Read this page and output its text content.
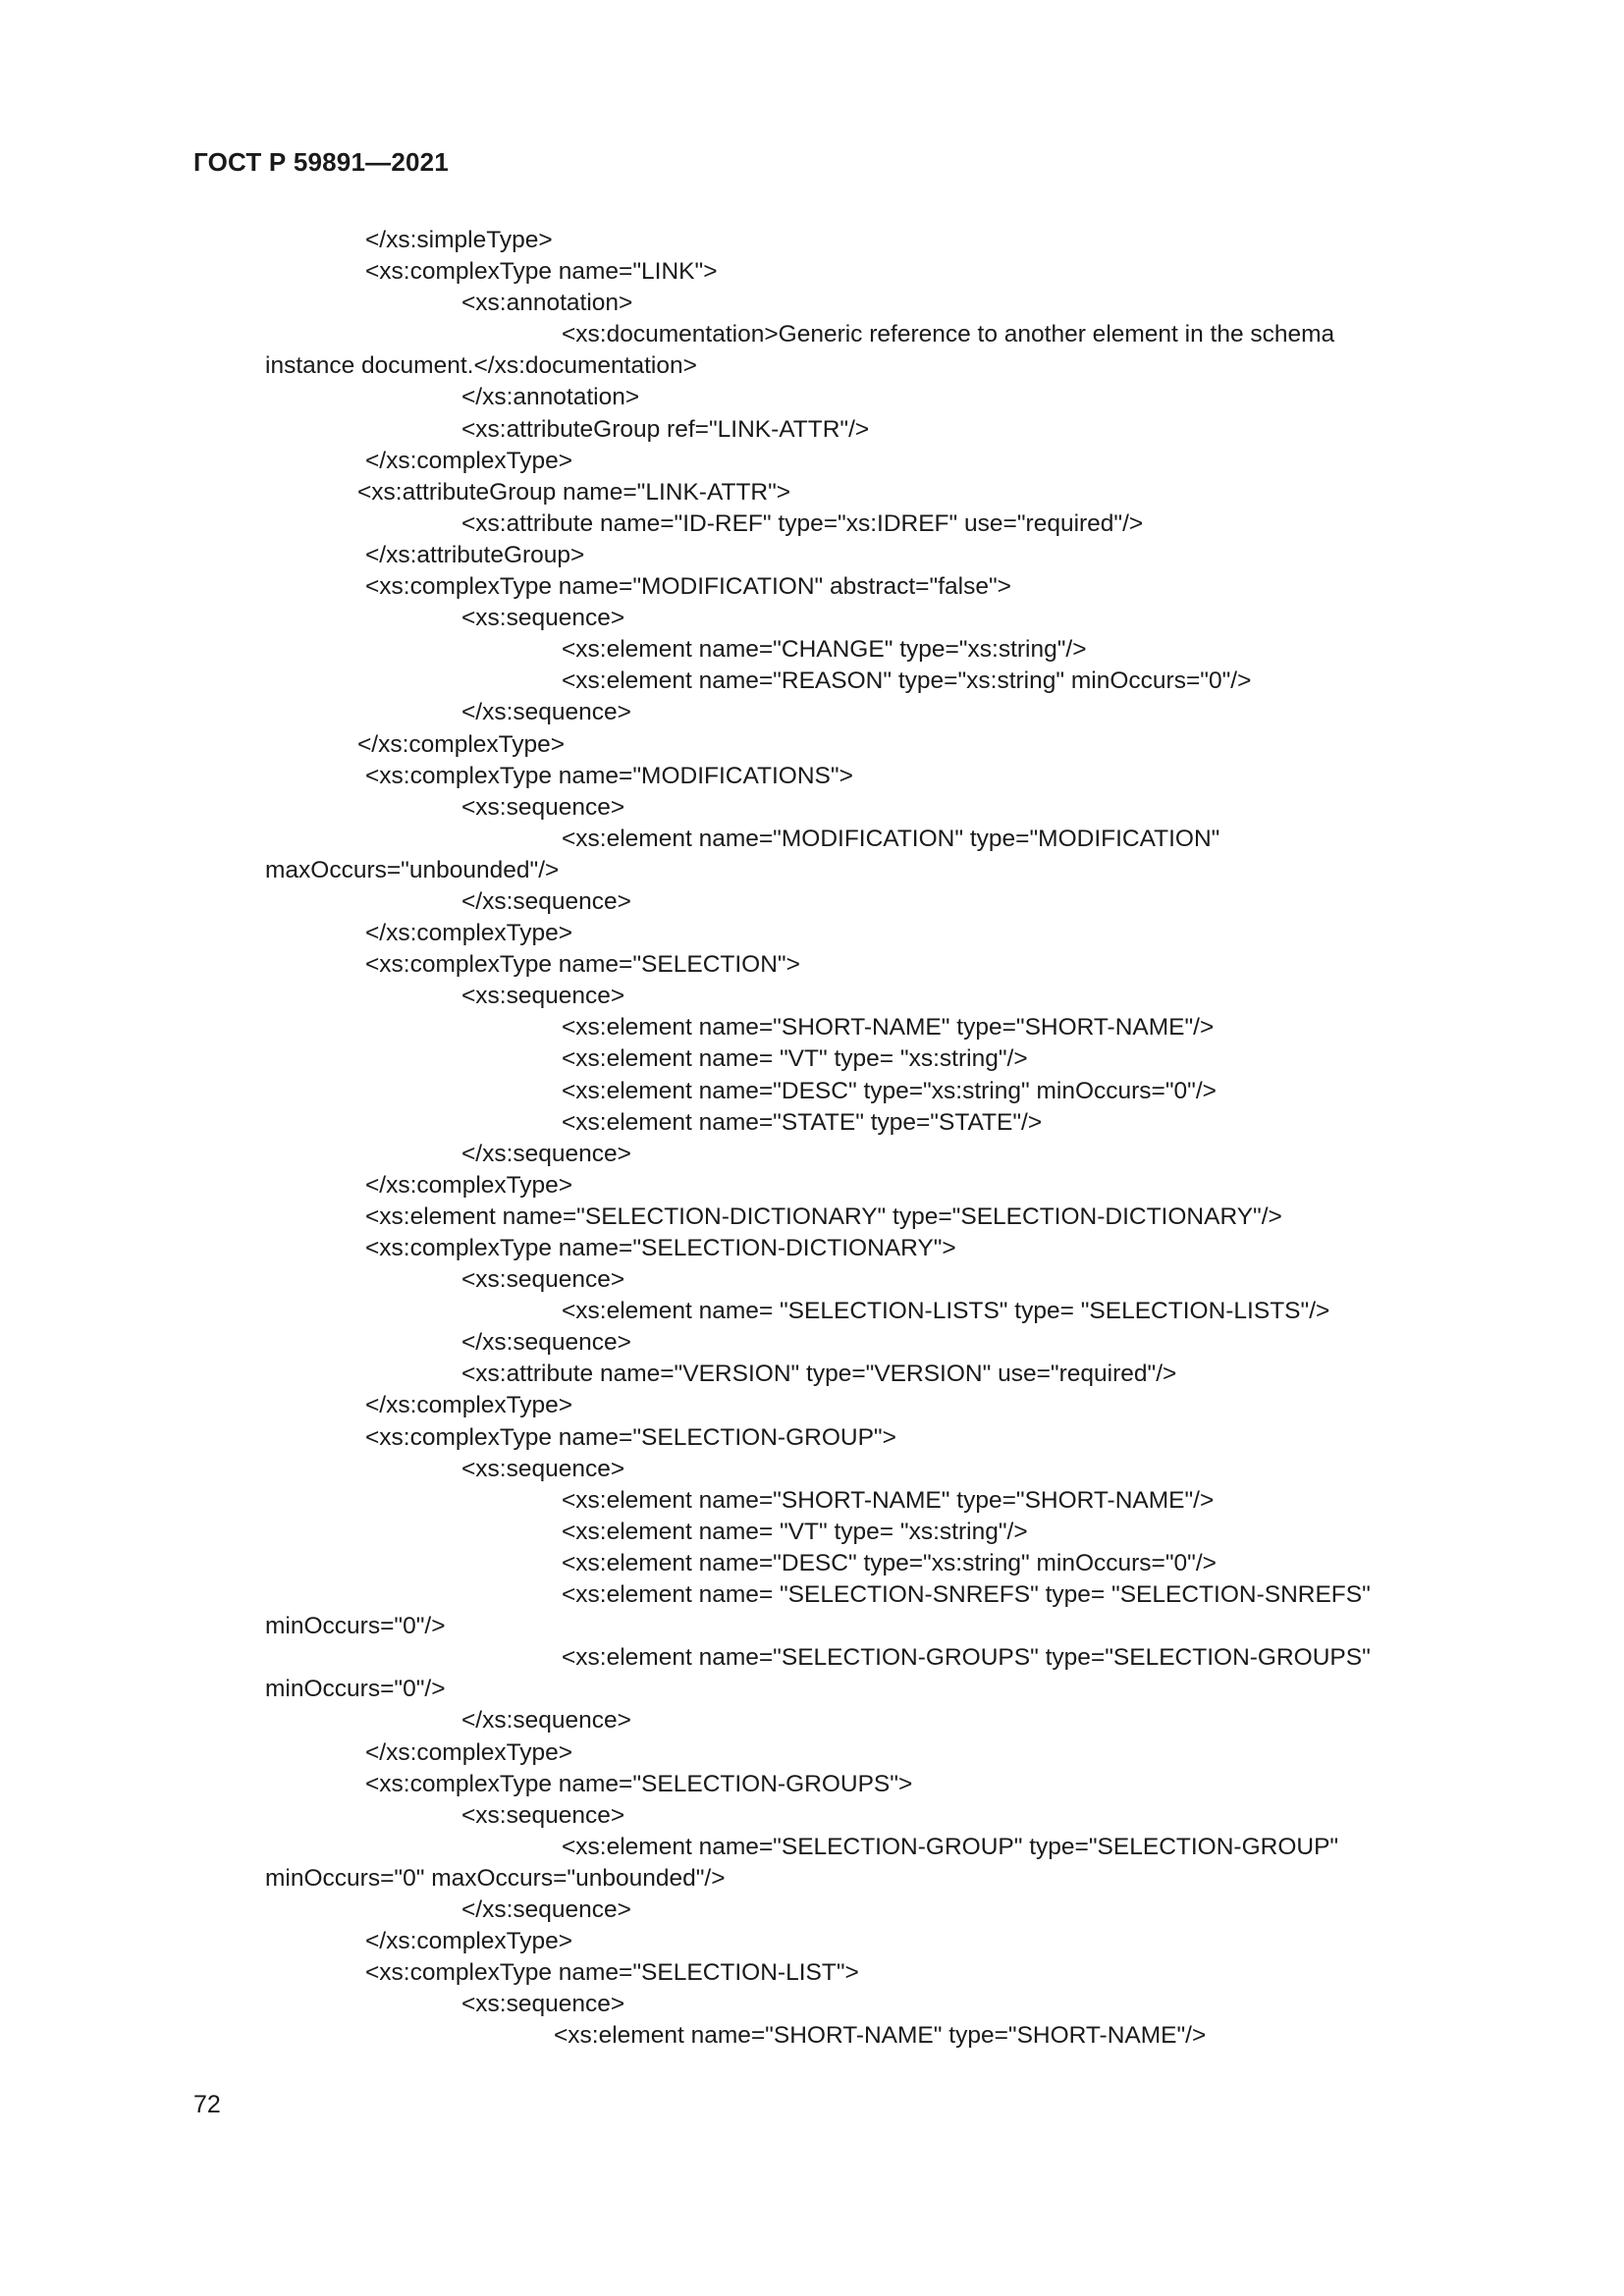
ГОСТ Р 59891—2021
</xs:simpleType>
<xs:complexType name="LINK">
<xs:annotation>
<xs:documentation>Generic reference to another element in the schema
instance document.</xs:documentation>
</xs:annotation>
<xs:attributeGroup ref="LINK-ATTR"/>
</xs:complexType>
<xs:attributeGroup name="LINK-ATTR">
<xs:attribute name="ID-REF" type="xs:IDREF" use="required"/>
</xs:attributeGroup>
<xs:complexType name="MODIFICATION" abstract="false">
<xs:sequence>
<xs:element name="CHANGE" type="xs:string"/>
<xs:element name="REASON" type="xs:string" minOccurs="0"/>
</xs:sequence>
</xs:complexType>
<xs:complexType name="MODIFICATIONS">
<xs:sequence>
<xs:element name="MODIFICATION" type="MODIFICATION"
maxOccurs="unbounded"/>
</xs:sequence>
</xs:complexType>
<xs:complexType name="SELECTION">
<xs:sequence>
<xs:element name="SHORT-NAME" type="SHORT-NAME"/>
<xs:element name= "VT" type= "xs:string"/>
<xs:element name="DESC" type="xs:string" minOccurs="0"/>
<xs:element name="STATE" type="STATE"/>
</xs:sequence>
</xs:complexType>
<xs:element name="SELECTION-DICTIONARY" type="SELECTION-DICTIONARY"/>
<xs:complexType name="SELECTION-DICTIONARY">
<xs:sequence>
<xs:element name= "SELECTION-LISTS" type= "SELECTION-LISTS"/>
</xs:sequence>
<xs:attribute name="VERSION" type="VERSION" use="required"/>
</xs:complexType>
<xs:complexType name="SELECTION-GROUP">
<xs:sequence>
<xs:element name="SHORT-NAME" type="SHORT-NAME"/>
<xs:element name= "VT" type= "xs:string"/>
<xs:element name="DESC" type="xs:string" minOccurs="0"/>
<xs:element name= "SELECTION-SNREFS" type= "SELECTION-SNREFS"
minOccurs="0"/>
<xs:element name="SELECTION-GROUPS" type="SELECTION-GROUPS"
minOccurs="0"/>
</xs:sequence>
</xs:complexType>
<xs:complexType name="SELECTION-GROUPS">
<xs:sequence>
<xs:element name="SELECTION-GROUP" type="SELECTION-GROUP"
minOccurs="0" maxOccurs="unbounded"/>
</xs:sequence>
</xs:complexType>
<xs:complexType name="SELECTION-LIST">
<xs:sequence>
<xs:element name="SHORT-NAME" type="SHORT-NAME"/>

72
